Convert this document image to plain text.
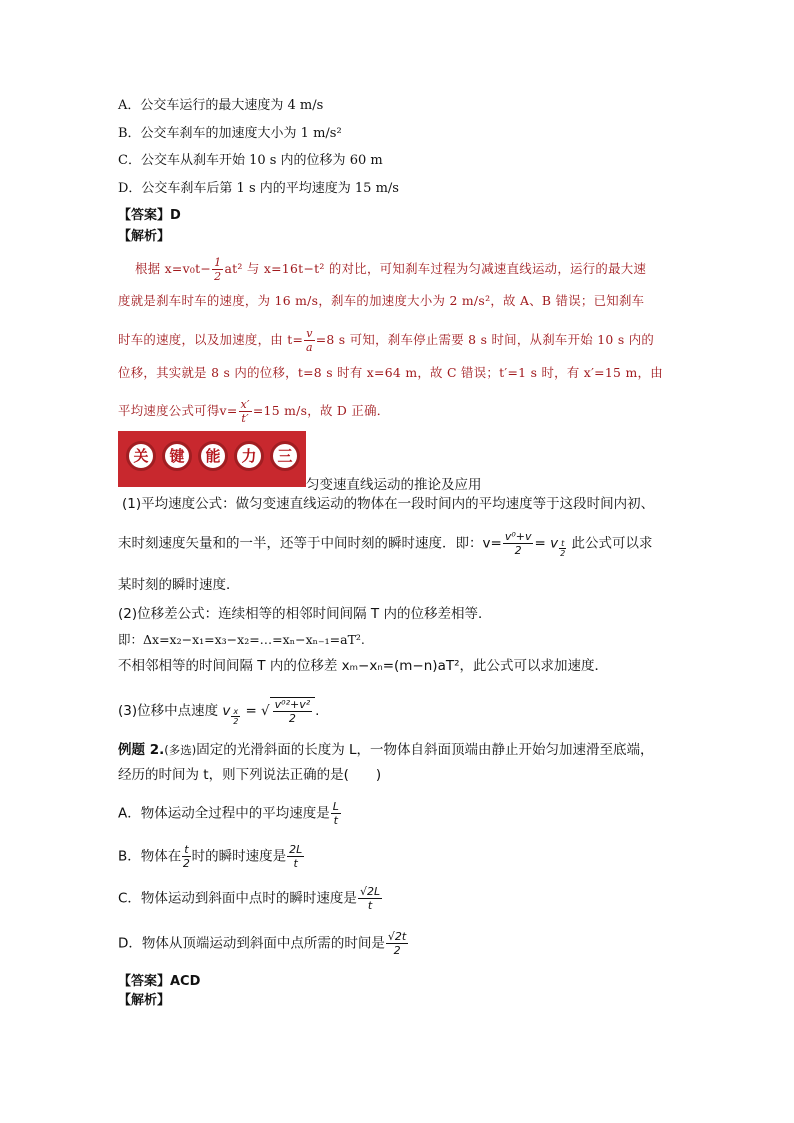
A．公交车运行的最大速度为 4 m/s
B．公交车刹车的加速度大小为 1 m/s²
C．公交车从刹车开始 10 s 内的位移为 60 m
D．公交车刹车后第 1 s 内的平均速度为 15 m/s
【答案】D
【解析】
根据 $x=v_0t- \frac{1}{2} at^2$ 与 x=16t−t² 的对比，可知刹车过程为匀减速直线运动，运行的最大速
度就是刹车时车的速度，为 16 m/s，刹车的加速度大小为 2 m/s²，故 A、B 错误；已知刹车
时车的速度，以及加速度，由 $t= \frac{v}{a} =8$ s 可知，刹车停止需要 8 s 时间，从刹车开始 10 s 内的
位移，其实就是 8 s 内的位移，t=8 s 时有 x=64 m，故 C 错误；t′=1 s 时，有 x′=15 m，由
平均速度公式可得$v= \frac{x'}{t'} =15$ m/s，故 D 正确．
关	键	能	力	三
匀变速直线运动的推论及应用
(1)平均速度公式：做匀变速直线运动的物体在一段时间内的平均速度等于这段时间内初、
末时刻速度矢量和的一半，还等于中间时刻的瞬时速度．即：$v= \frac{\text{v⁰+v}}{2} = v$ $_{\frac{t}{2}}$ 此公式可以求
某时刻的瞬时速度．
(2)位移差公式：连续相等的相邻时间间隔 T 内的位移差相等．
即：Δx=x₂−x₁=x₃−x₂=…=xₙ−xₙ₋₁=aT².
不相邻相等的时间间隔 T 内的位移差 xₘ−xₙ=(m−n)aT²，此公式可以求加速度．
(3)位移中点速度 v $_{\frac{x}{2}}$ = √ $\frac{\text{v⁰²+v²}}{2}$ .
例题 2.(多选)固定的光滑斜面的长度为 L，一物体自斜面顶端由静止开始匀加速滑至底端，
经历的时间为 t，则下列说法正确的是(　　)
A．物体运动全过程中的平均速度是 $\frac{L}{t}$
B．物体在 $\frac{t}{2}$ 时的瞬时速度是 $\frac{2L}{t}$
C．物体运动到斜面中点时的瞬时速度是 $\frac{√2L}{t}$
D．物体从顶端运动到斜面中点所需的时间是 $\frac{√2t}{2}$
【答案】ACD
【解析】
